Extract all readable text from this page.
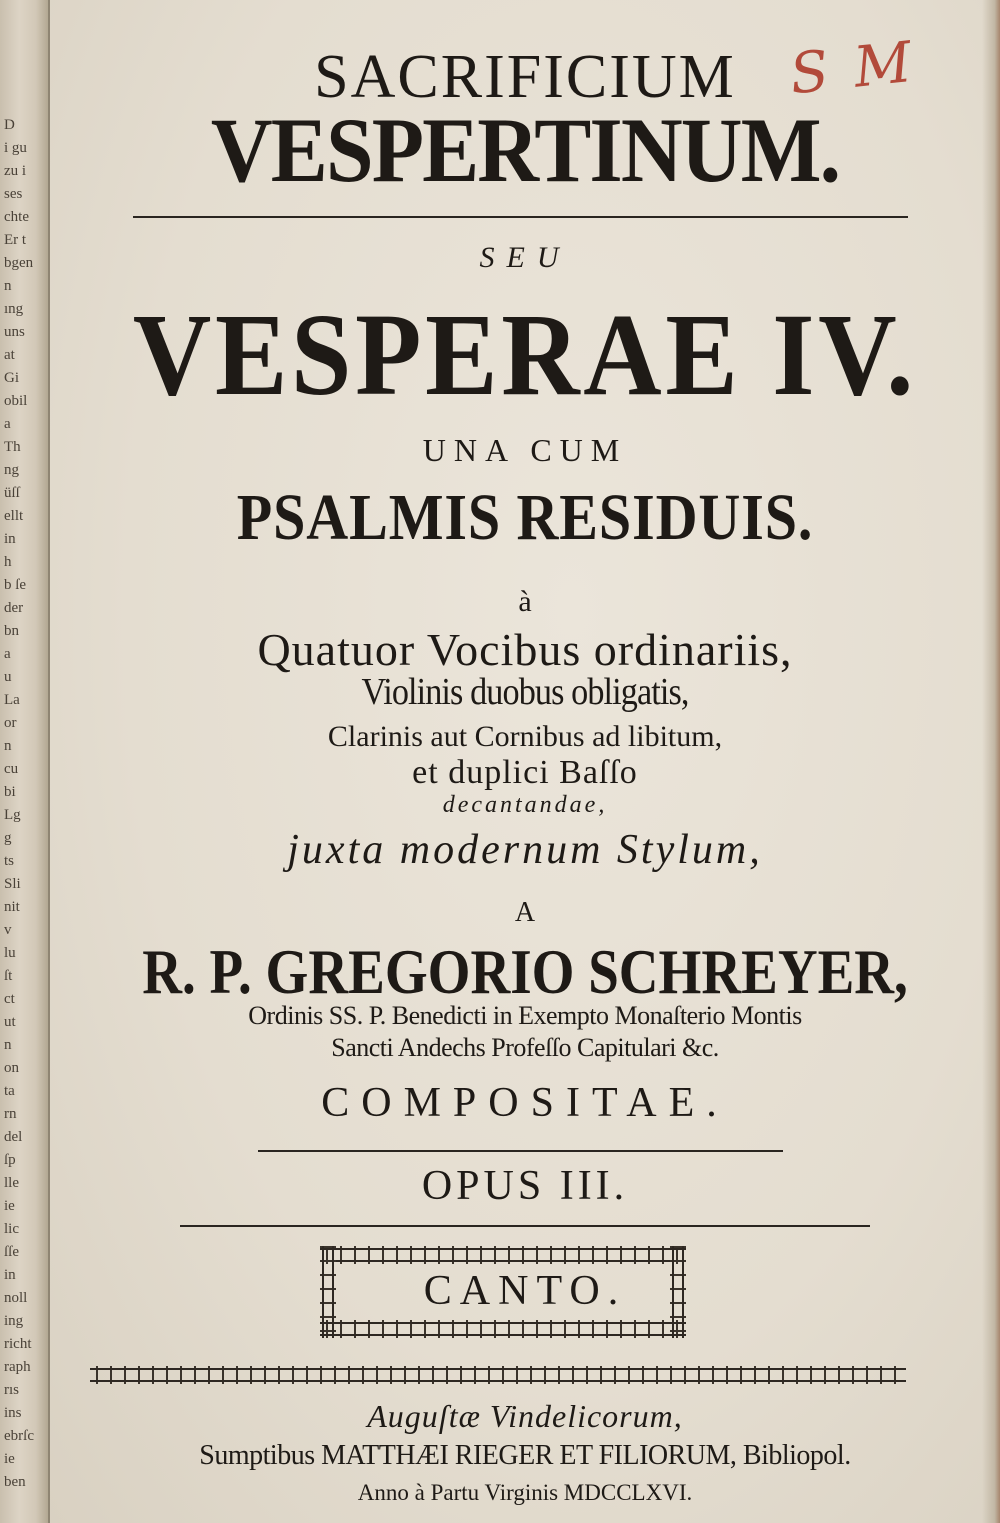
D
i gu
zu i
ses
chte
Er t
bgen
n
ıng
uns
at
Gi
obil
a
Th
ng
üſſ
ellt
in
h
b ſe
der
bn
a
u
La
or
n
cu
bi
Lg
g
ts
Sli
nit
v
lu
ſt
ct
ut
n
on
ta
rn
del
ſp
lle
ie
lic
ſſe
in
noll
ing
richt
raph
rıs
ins
ebrſc
ie
ben
S M
SACRIFICIUM
VESPERTINUM.
SEU
VESPERAE IV.
UNA CUM
PSALMIS RESIDUIS.
à
Quatuor Vocibus ordinariis,
Violinis duobus obligatis,
Clarinis aut Cornibus ad libitum,
et duplici Baſſo
decantandae,
juxta modernum Stylum,
A
R. P. GREGORIO SCHREYER,
Ordinis SS. P. Benedicti in Exempto Monaſterio Montis
Sancti Andechs Profeſſo Capitulari &c.
COMPOSITAE.
OPUS III.
CANTO.
Auguſtæ Vindelicorum,
Sumptibus MATTHÆI RIEGER ET FILIORUM, Bibliopol.
Anno à Partu Virginis MDCCLXVI.
